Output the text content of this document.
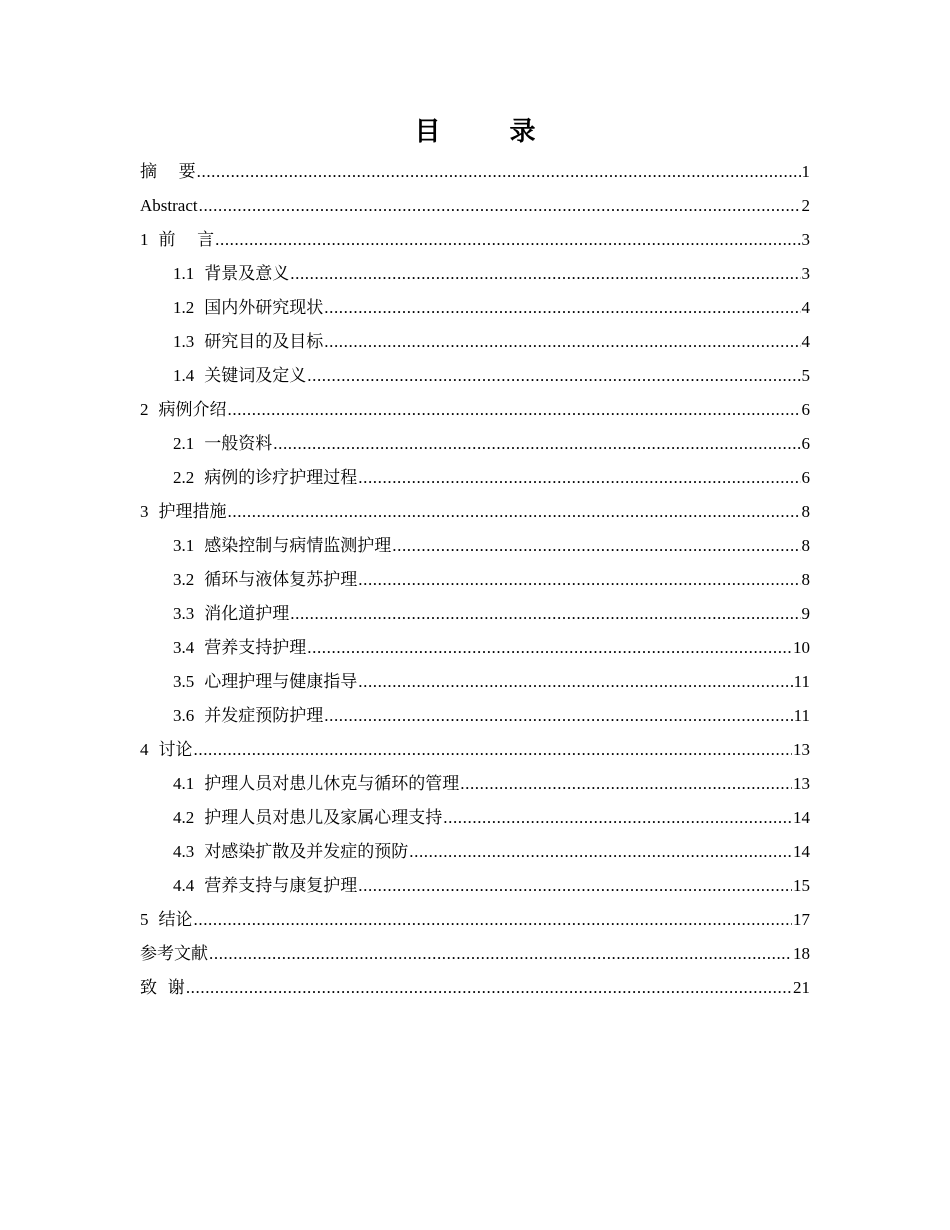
目 录
摘    要 .....	1
Abstract .....	2
1 前    言 .....	3
1.1 背景及意义 .....	3
1.2 国内外研究现状 .....	4
1.3 研究目的及目标 .....	4
1.4 关键词及定义 .....	5
2 病例介绍 .....	6
2.1 一般资料 .....	6
2.2 病例的诊疗护理过程 .....	6
3 护理措施 .....	8
3.1 感染控制与病情监测护理 .....	8
3.2 循环与液体复苏护理 .....	8
3.3 消化道护理 .....	9
3.4 营养支持护理 .....	10
3.5 心理护理与健康指导 .....	11
3.6 并发症预防护理 .....	11
4 讨论 .....	13
4.1 护理人员对患儿休克与循环的管理 .....	13
4.2 护理人员对患儿及家属心理支持 .....	14
4.3 对感染扩散及并发症的预防 .....	14
4.4 营养支持与康复护理 .....	15
5 结论 .....	17
参考文献 .....	18
致  谢 .....	21
